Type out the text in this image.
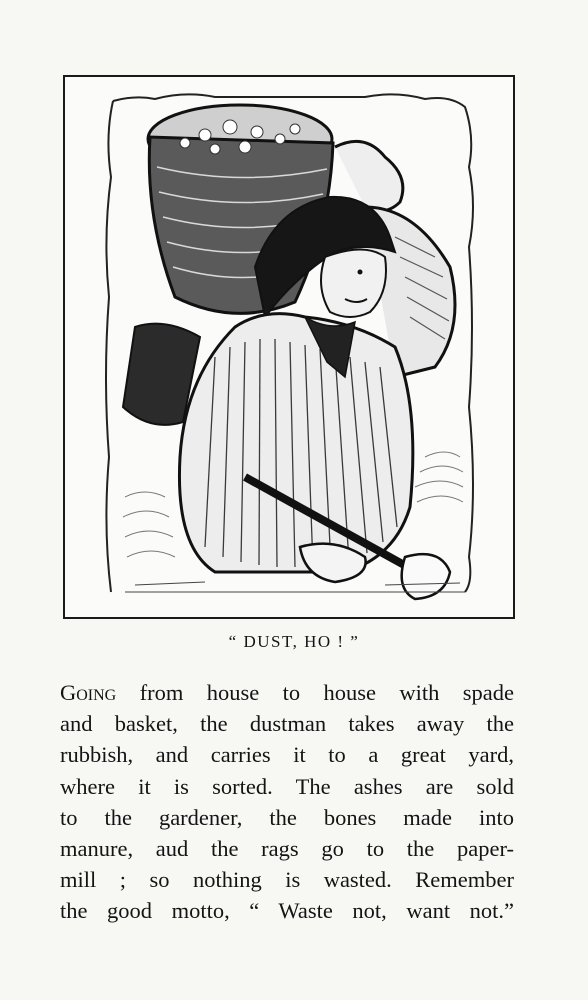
“ DUST, HO ! ”
Going from house to house with spade
and basket, the dustman takes away the
rubbish, and carries it to a great yard,
where it is sorted. The ashes are sold
to the gardener, the bones made into
manure, aud the rags go to the paper-
mill ; so nothing is wasted. Remember
the good motto, “ Waste not, want not.”
